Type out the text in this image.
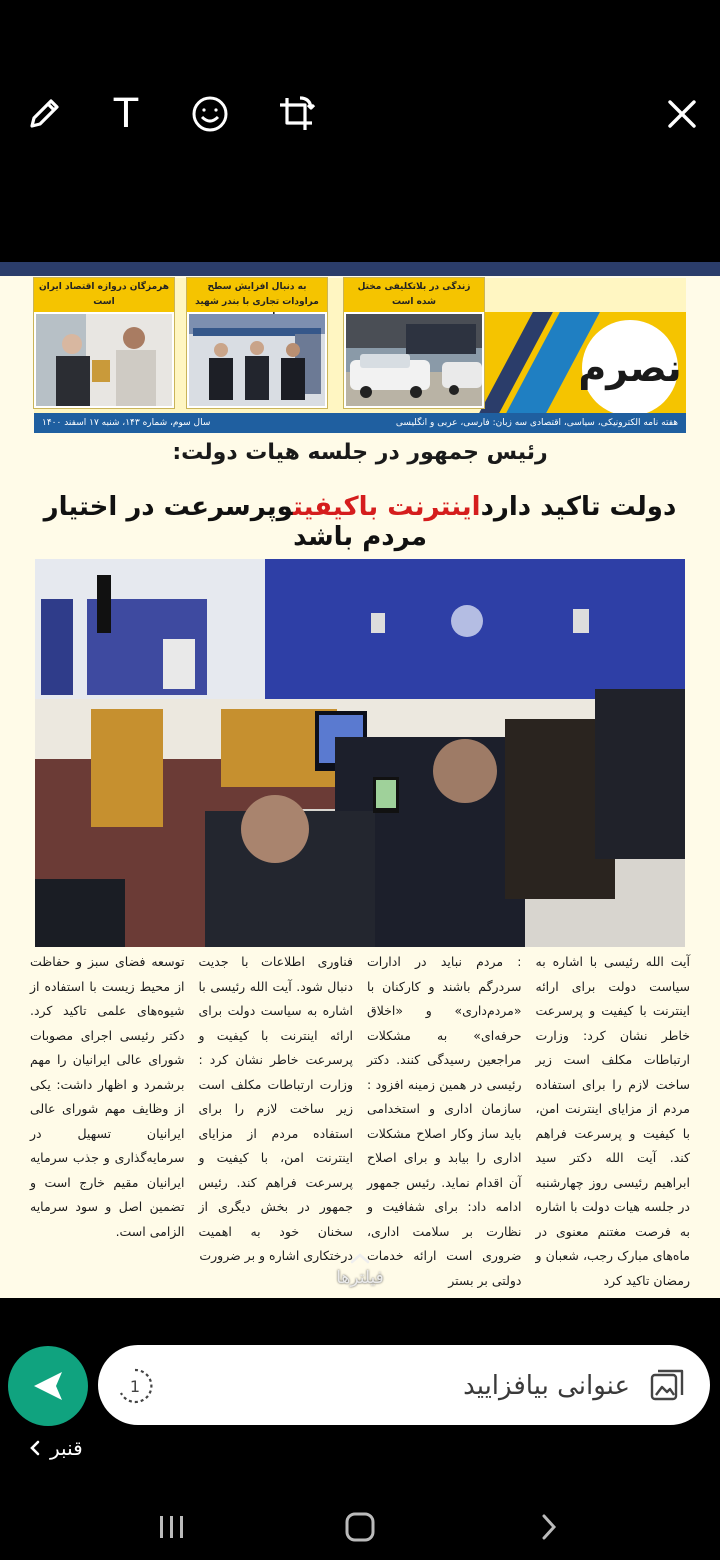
T
نصرم
زندگی در بلاتکلیفی مختل شده است
به دنبال افزایش سطح مراودات تجاری با بندر شهید
هرمزگان دروازه اقتصاد ایران است
سال سوم، شماره ۱۴۳، شنبه ۱۷ اسفند ۱۴۰۰	هفته نامه الکترونیکی، سیاسی، اقتصادی سه زبان: فارسی، عربی و انگلیسی
رئیس جمهور در جلسه هیات دولت:
دولت تاکید دارداینترنت باکیفیتوپرسرعت در اختیار مردم باشد
آیت الله رئیسی با اشاره به سیاست دولت برای ارائه اینترنت با کیفیت و پرسرعت خاطر نشان کرد: وزارت ارتباطات مکلف است زیر ساخت لازم را برای استفاده مردم از مزایای اینترنت امن، با کیفیت و پرسرعت فراهم کند. آیت الله دکتر سید ابراهیم رئیسی روز چهارشنبه در جلسه هیات دولت با اشاره به فرصت مغتنم معنوی در ماه‌های مبارک رجب، شعبان و رمضان تاکید کرد
: مردم نباید در ادارات سردرگم باشند و کارکنان با «مردم‌داری» و «اخلاق حرفه‌ای» به مشکلات مراجعین رسیدگی کنند. دکتر رئیسی در همین زمینه افزود : سازمان اداری و استخدامی باید ساز وکار اصلاح مشکلات اداری را بیابد و برای اصلاح آن اقدام نماید. رئیس جمهور ادامه داد: برای شفافیت و نظارت بر سلامت اداری، ضروری است ارائه خدمات دولتی بر بستر
فناوری اطلاعات با جدیت دنبال شود. آیت الله رئیسی با اشاره به سیاست دولت برای ارائه اینترنت با کیفیت و پرسرعت خاطر نشان کرد : وزارت ارتباطات مکلف است زیر ساخت لازم را برای استفاده مردم از مزایای اینترنت امن، با کیفیت و پرسرعت فراهم کند. رئیس جمهور در بخش دیگری از سخنان خود به اهمیت درختکاری اشاره و بر ضرورت
توسعه فضای سبز و حفاظت از محیط زیست با استفاده از شیوه‌های علمی تاکید کرد. دکتر رئیسی اجرای مصوبات شورای عالی ایرانیان را مهم برشمرد و اظهار داشت: یکی از وظایف مهم شورای عالی ایرانیان تسهیل در سرمایه‌گذاری و جذب سرمایه ایرانیان مقیم خارج است و تضمین اصل و سود سرمایه الزامی است.
فیلترها
1
عنوانی بیافزایید
قنبر
